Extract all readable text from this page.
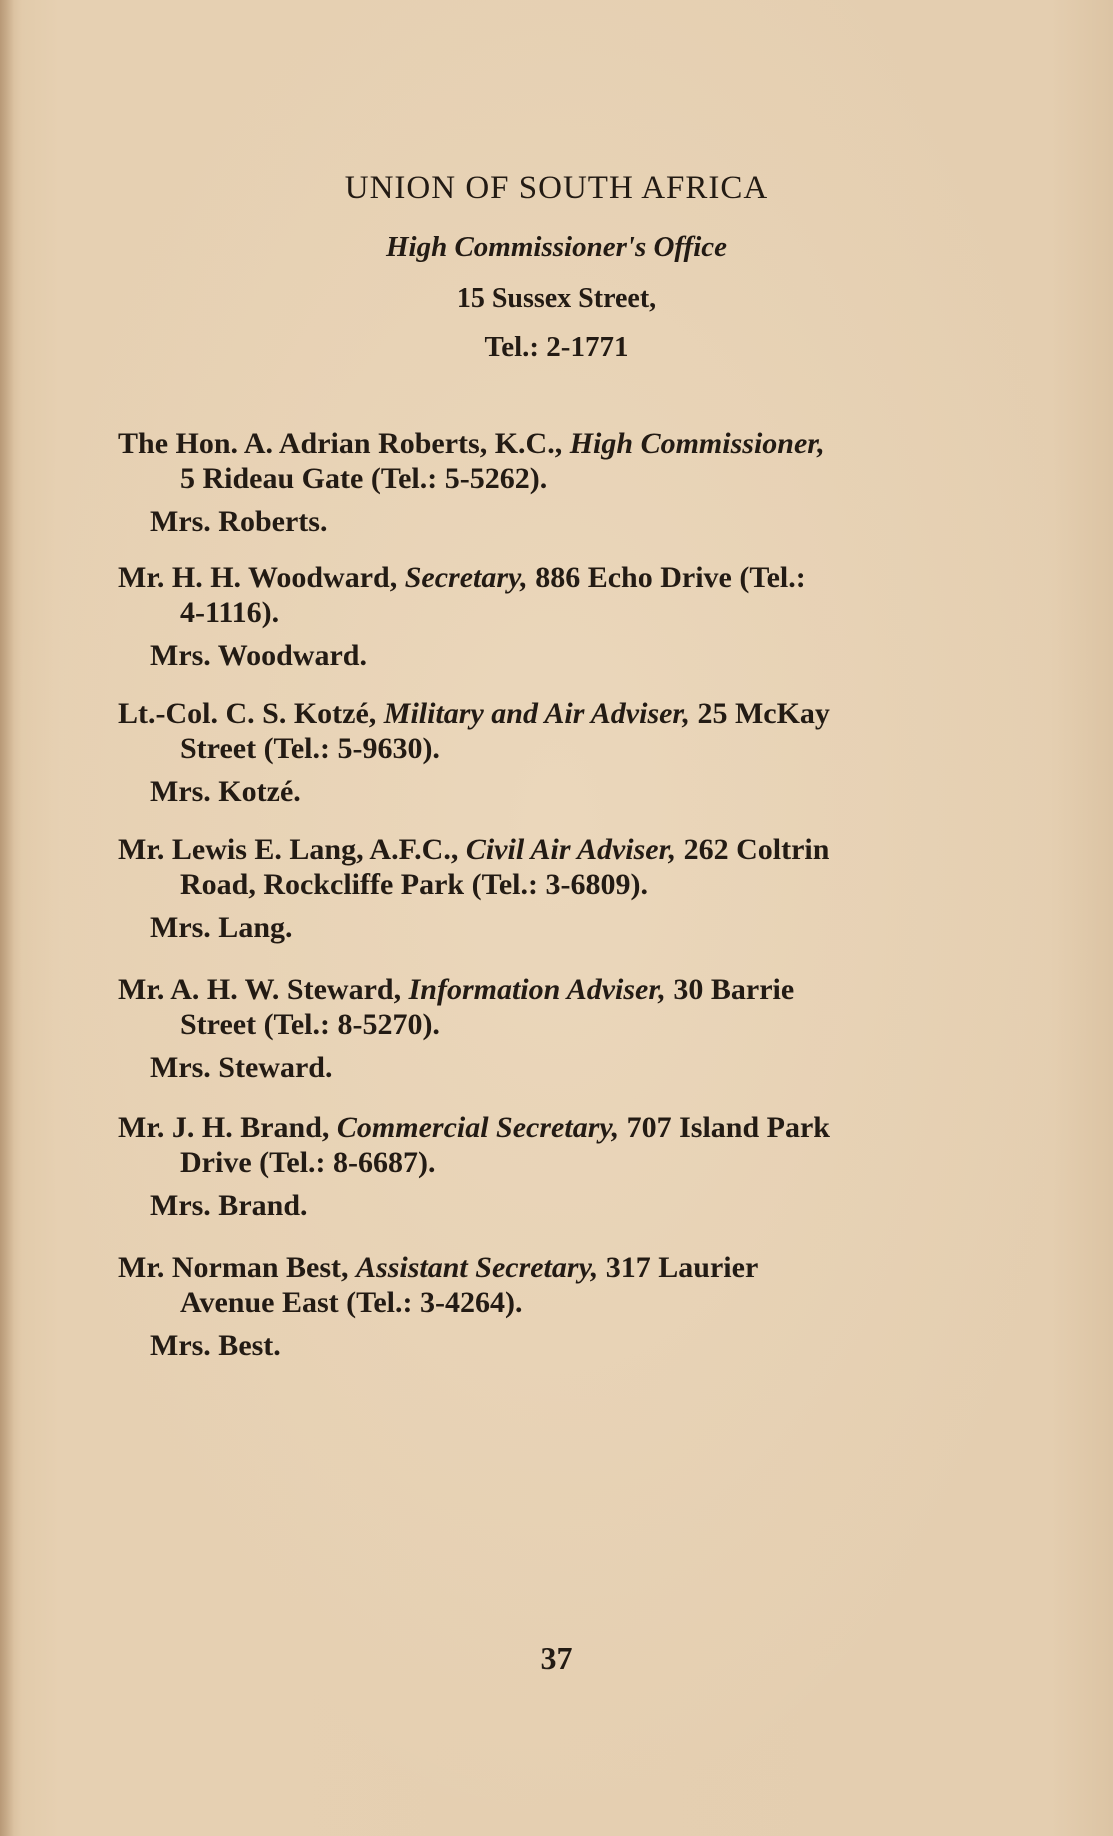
UNION OF SOUTH AFRICA
High Commissioner's Office
15 Sussex Street,
Tel.: 2-1771
The Hon. A. Adrian Roberts, K.C., High Commissioner,
5 Rideau Gate (Tel.: 5-5262).
Mrs. Roberts.
Mr. H. H. Woodward, Secretary, 886 Echo Drive (Tel.:
4-1116).
Mrs. Woodward.
Lt.-Col. C. S. Kotzé, Military and Air Adviser, 25 McKay
Street (Tel.: 5-9630).
Mrs. Kotzé.
Mr. Lewis E. Lang, A.F.C., Civil Air Adviser, 262 Coltrin
Road, Rockcliffe Park (Tel.: 3-6809).
Mrs. Lang.
Mr. A. H. W. Steward, Information Adviser, 30 Barrie
Street (Tel.: 8-5270).
Mrs. Steward.
Mr. J. H. Brand, Commercial Secretary, 707 Island Park
Drive (Tel.: 8-6687).
Mrs. Brand.
Mr. Norman Best, Assistant Secretary, 317 Laurier
Avenue East (Tel.: 3-4264).
Mrs. Best.
37
